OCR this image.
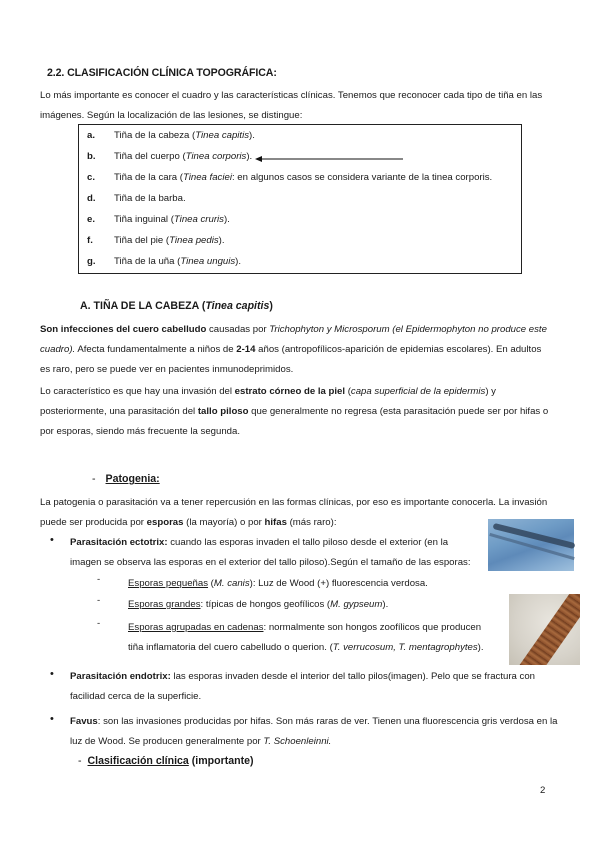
2.2. CLASIFICACIÓN CLÍNICA TOPOGRÁFICA:
Lo más importante es conocer el cuadro y las características clínicas. Tenemos que reconocer cada tipo de tiña en las
imágenes. Según la localización de las lesiones, se distingue:
a. Tiña de la cabeza (Tinea capitis).
b. Tiña del cuerpo (Tinea corporis).
c. Tiña de la cara (Tinea faciei: en algunos casos se considera variante de la tinea corporis.
d. Tiña de la barba.
e. Tiña inguinal (Tinea cruris).
f. Tiña del pie (Tinea pedis).
g. Tiña de la uña (Tinea unguis).
A. TIÑA DE LA CABEZA (Tinea capitis)
Son infecciones del cuero cabelludo causadas por Trichophyton y Microsporum (el Epidermophyton no produce este
cuadro). Afecta fundamentalmente a niños de 2-14 años (antropofílicos-aparición de epidemias escolares). En adultos
es raro, pero se puede ver en pacientes inmunodeprimidos.
Lo característico es que hay una invasión del estrato córneo de la piel (capa superficial de la epidermis) y
posteriormente, una parasitación del tallo piloso que generalmente no regresa (esta parasitación puede ser por hifas o
por esporas, siendo más frecuente la segunda.
- Patogenia:
La patogenia o parasitación va a tener repercusión en las formas clínicas, por eso es importante conocerla. La invasión
puede ser producida por esporas (la mayoría) o por hifas (más raro):
• Parasitación ectotrix: cuando las esporas invaden el tallo piloso desde el exterior (en la
imagen se observa las esporas en el exterior del tallo piloso).Según el tamaño de las esporas:
-	Esporas pequeñas (M. canis): Luz de Wood (+) fluorescencia verdosa.
-	Esporas grandes: típicas de hongos geofílicos (M. gypseum).
-	Esporas agrupadas en cadenas: normalmente son hongos zoofílicos que producen
tiña inflamatoria del cuero cabelludo o querion. (T. verrucosum, T. mentagrophytes).
• Parasitación endotrix: las esporas invaden desde el interior del tallo pilos(imagen). Pelo que se fractura con
facilidad cerca de la superficie.
• Favus: son las invasiones producidas por hifas. Son más raras de ver. Tienen una fluorescencia gris verdosa en la
luz de Wood. Se producen generalmente por T. Schoenleinni.
- Clasificación clínica (importante)
2
